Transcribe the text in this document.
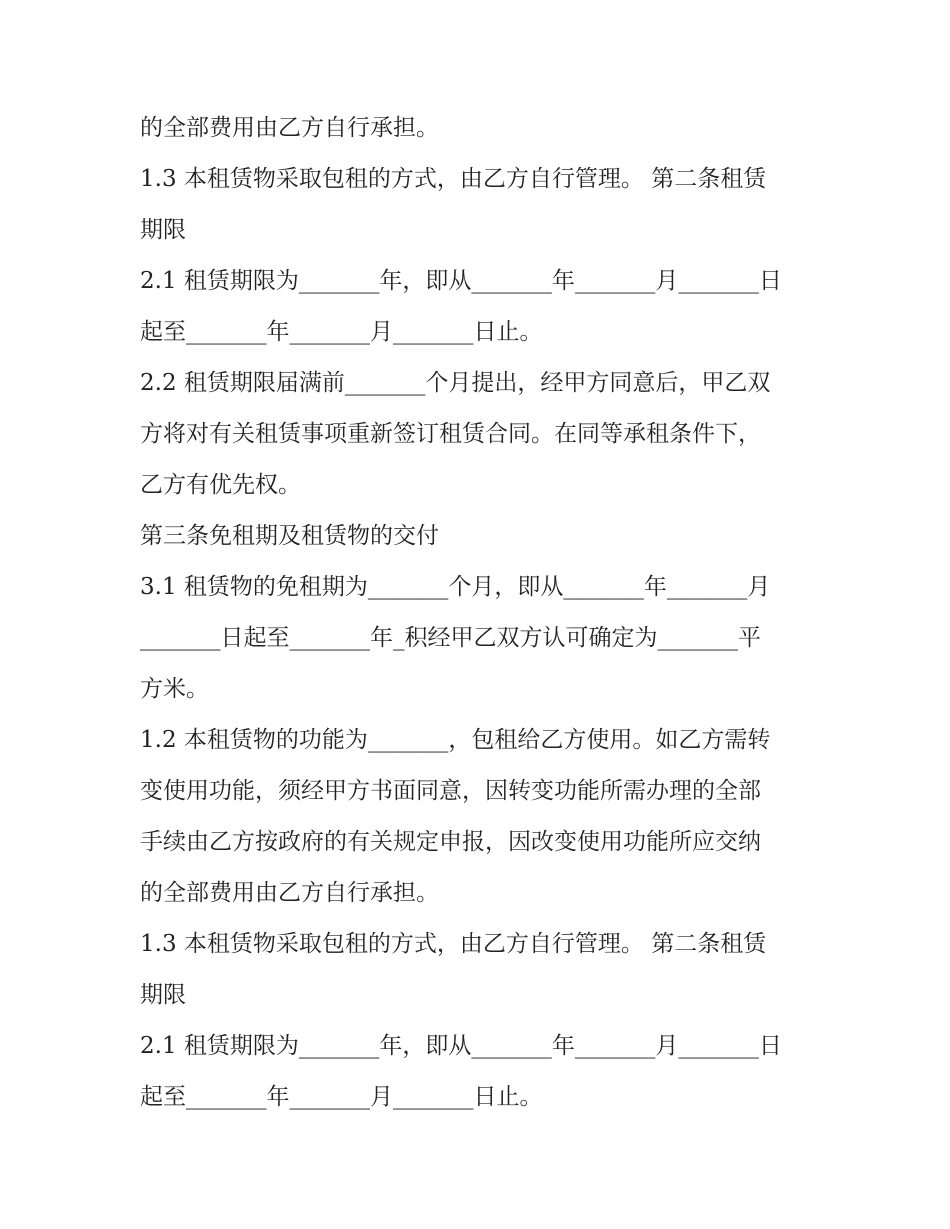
的全部费用由乙方自行承担。
1.3 本租赁物采取包租的方式，由乙方自行管理。 第二条租赁
期限
2.1 租赁期限为_______年，即从_______年_______月_______日
起至_______年_______月_______日止。
2.2 租赁期限届满前_______个月提出，经甲方同意后，甲乙双
方将对有关租赁事项重新签订租赁合同。在同等承租条件下，
乙方有优先权。
第三条免租期及租赁物的交付
3.1 租赁物的免租期为_______个月，即从_______年_______月
_______日起至_______年_积经甲乙双方认可确定为_______平
方米。
1.2 本租赁物的功能为_______，包租给乙方使用。如乙方需转
变使用功能，须经甲方书面同意，因转变功能所需办理的全部
手续由乙方按政府的有关规定申报，因改变使用功能所应交纳
的全部费用由乙方自行承担。
1.3 本租赁物采取包租的方式，由乙方自行管理。 第二条租赁
期限
2.1 租赁期限为_______年，即从_______年_______月_______日
起至_______年_______月_______日止。
